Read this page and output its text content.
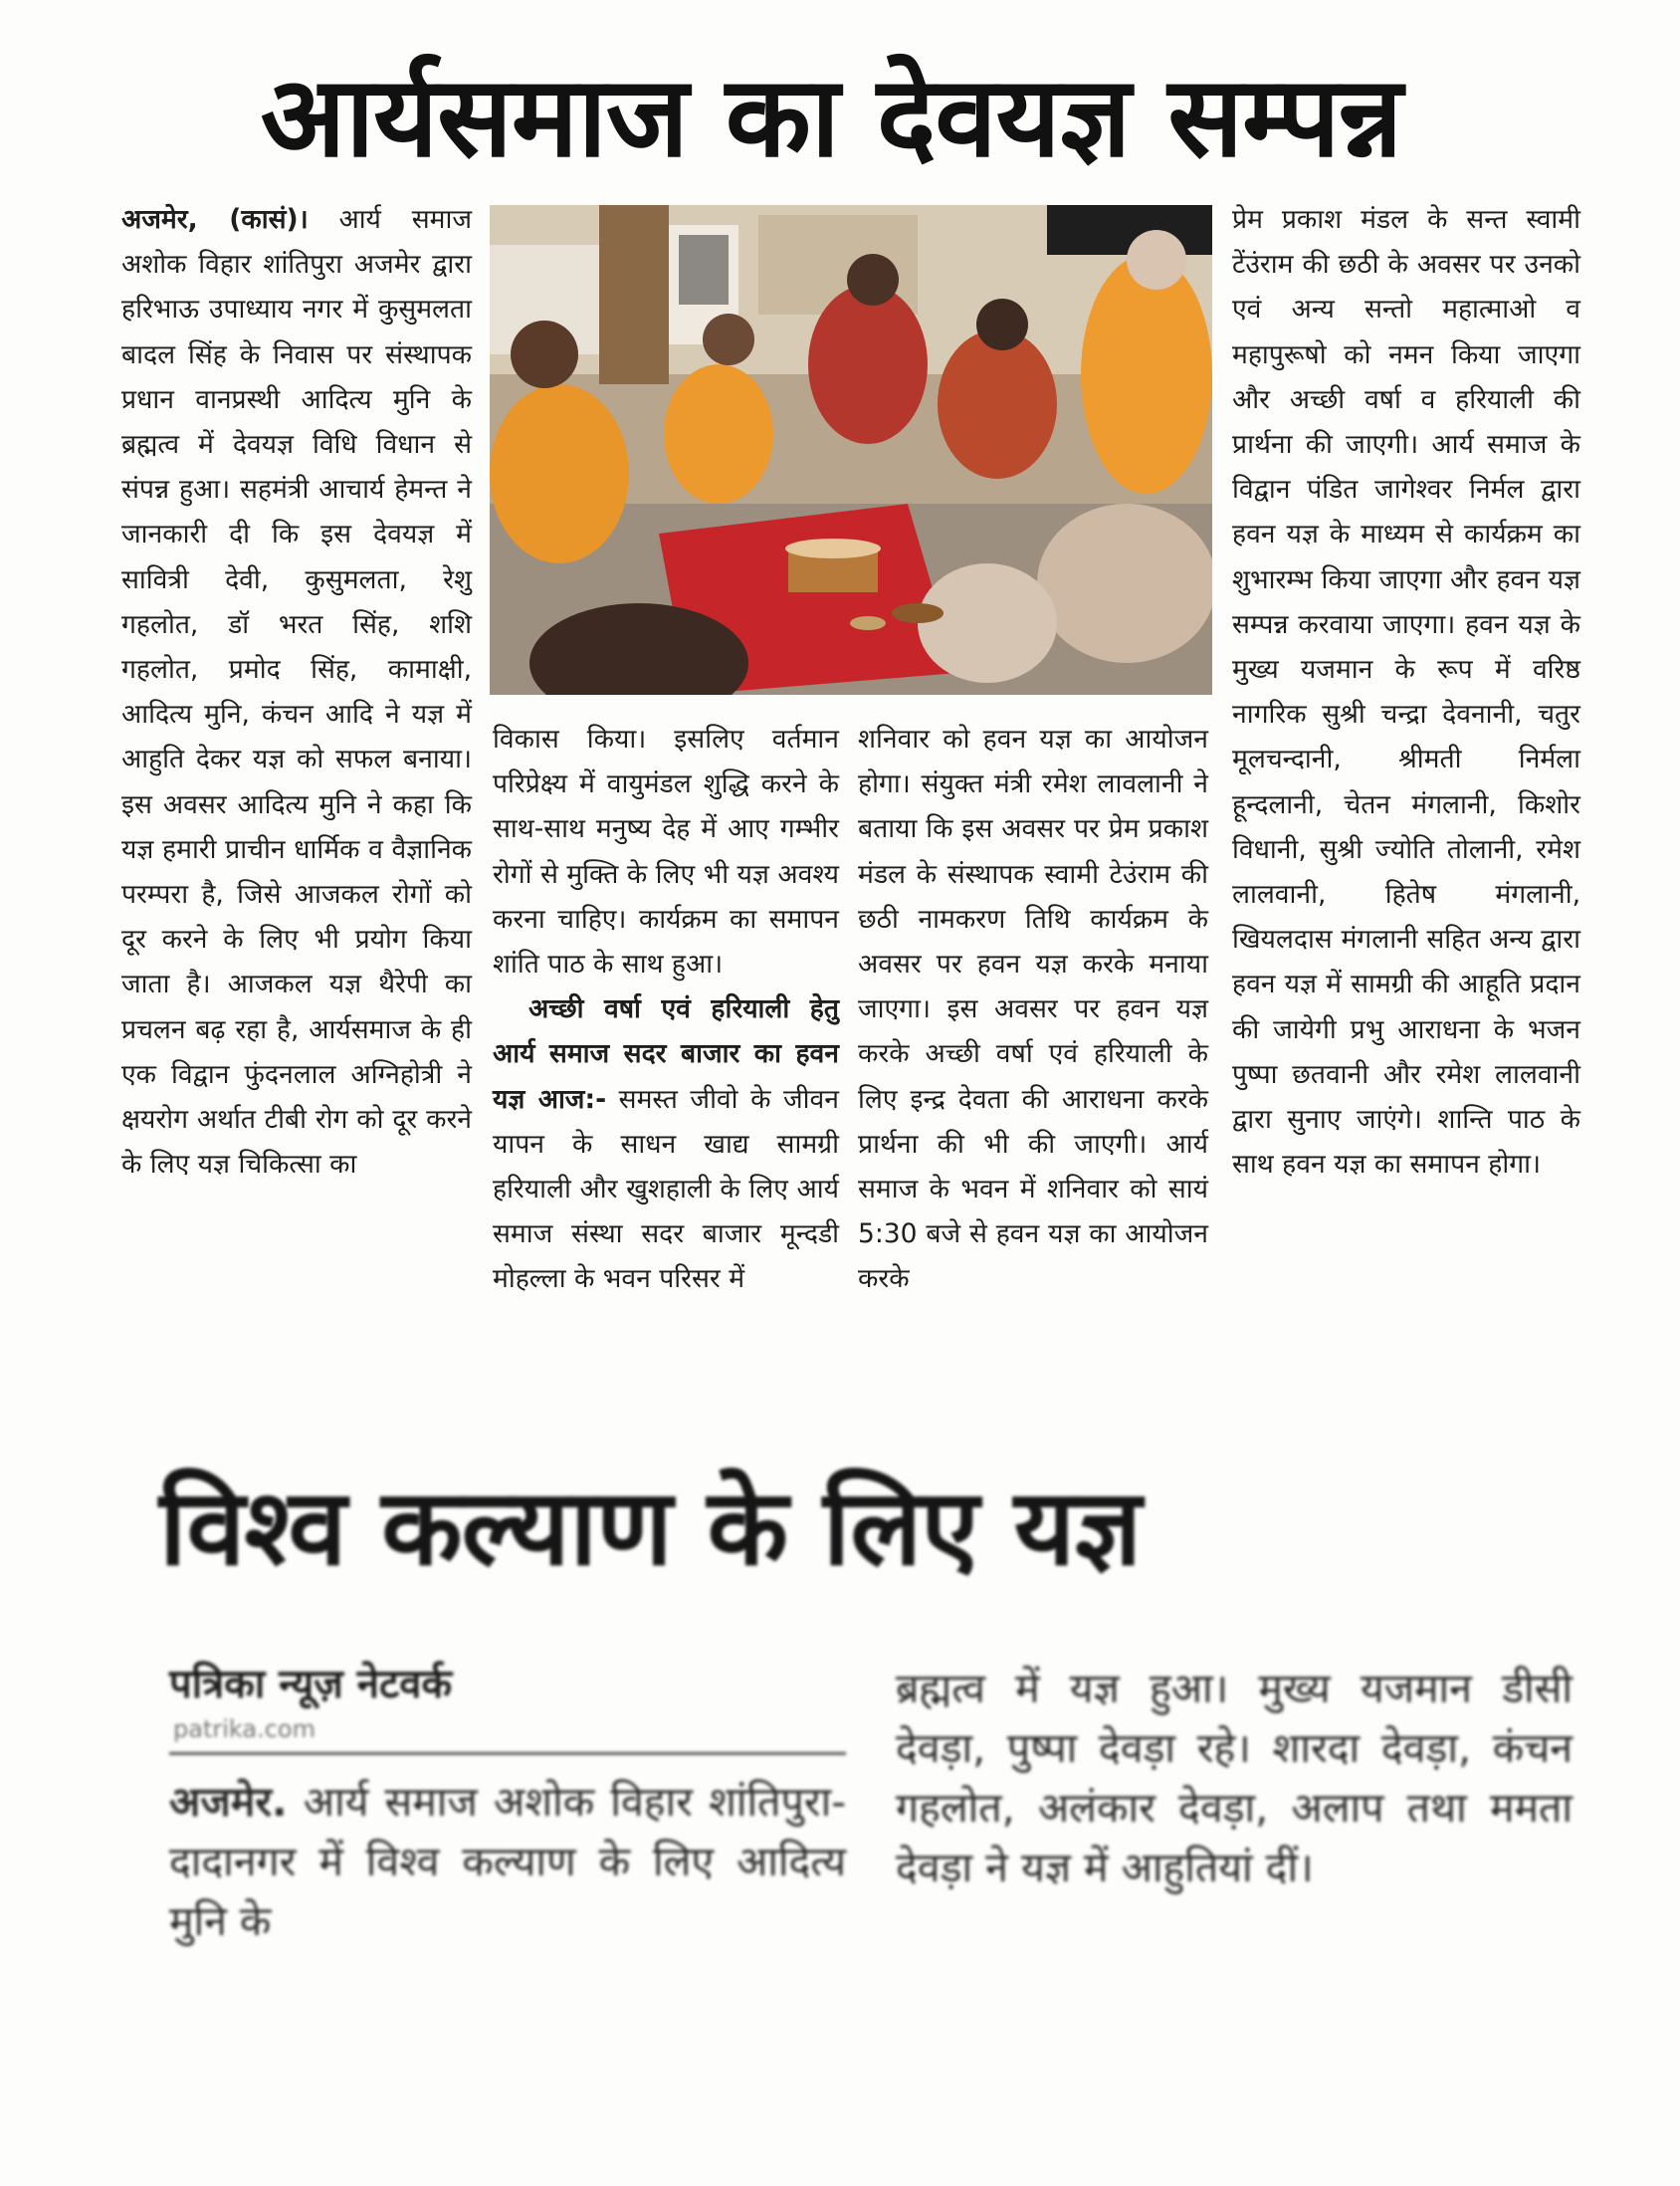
आर्यसमाज का देवयज्ञ सम्पन्न

अजमेर, (कासं)। आर्य समाज अशोक विहार शांतिपुरा अजमेर द्वारा हरिभाऊ उपाध्याय नगर में कुसुमलता बादल सिंह के निवास पर संस्थापक प्रधान वानप्रस्थी आदित्य मुनि के ब्रह्मत्व में देवयज्ञ विधि विधान से संपन्न हुआ। सहमंत्री आचार्य हेमन्त ने जानकारी दी कि इस देवयज्ञ में सावित्री देवी, कुसुमलता, रेशु गहलोत, डॉ भरत सिंह, शशि गहलोत, प्रमोद सिंह, कामाक्षी, आदित्य मुनि, कंचन आदि ने यज्ञ में आहुति देकर यज्ञ को सफल बनाया। इस अवसर आदित्य मुनि ने कहा कि यज्ञ हमारी प्राचीन धार्मिक व वैज्ञानिक परम्परा है, जिसे आजकल रोगों को दूर करने के लिए भी प्रयोग किया जाता है। आजकल यज्ञ थैरेपी का प्रचलन बढ़ रहा है, आर्यसमाज के ही एक विद्वान फुंदनलाल अग्निहोत्री ने क्षयरोग अर्थात टीबी रोग को दूर करने के लिए यज्ञ चिकित्सा का

विकास किया। इसलिए वर्तमान परिप्रेक्ष्य में वायुमंडल शुद्धि करने के साथ-साथ मनुष्य देह में आए गम्भीर रोगों से मुक्ति के लिए भी यज्ञ अवश्य करना चाहिए। कार्यक्रम का समापन शांति पाठ के साथ हुआ।

अच्छी वर्षा एवं हरियाली हेतु आर्य समाज सदर बाजार का हवन यज्ञ आज:- समस्त जीवो के जीवन यापन के साधन खाद्य सामग्री हरियाली और खुशहाली के लिए आर्य समाज संस्था सदर बाजार मून्दडी मोहल्ला के भवन परिसर में

शनिवार को हवन यज्ञ का आयोजन होगा। संयुक्त मंत्री रमेश लावलानी ने बताया कि इस अवसर पर प्रेम प्रकाश मंडल के संस्थापक स्वामी टेउंराम की छठी नामकरण तिथि कार्यक्रम के अवसर पर हवन यज्ञ करके मनाया जाएगा। इस अवसर पर हवन यज्ञ करके अच्छी वर्षा एवं हरियाली के लिए इन्द्र देवता की आराधना करके प्रार्थना की भी की जाएगी। आर्य समाज के भवन में शनिवार को सायं 5:30 बजे से हवन यज्ञ का आयोजन करके

प्रेम प्रकाश मंडल के सन्त स्वामी टेंउंराम की छठी के अवसर पर उनको एवं अन्य सन्तो महात्माओ व महापुरूषो को नमन किया जाएगा और अच्छी वर्षा व हरियाली की प्रार्थना की जाएगी। आर्य समाज के विद्वान पंडित जागेश्वर निर्मल द्वारा हवन यज्ञ के माध्यम से कार्यक्रम का शुभारम्भ किया जाएगा और हवन यज्ञ सम्पन्न करवाया जाएगा। हवन यज्ञ के मुख्य यजमान के रूप में वरिष्ठ नागरिक सुश्री चन्द्रा देवनानी, चतुर मूलचन्दानी, श्रीमती निर्मला हून्दलानी, चेतन मंगलानी, किशोर विधानी, सुश्री ज्योति तोलानी, रमेश लालवानी, हितेष मंगलानी, खियलदास मंगलानी सहित अन्य द्वारा हवन यज्ञ में सामग्री की आहूति प्रदान की जायेगी प्रभु आराधना के भजन पुष्पा छतवानी और रमेश लालवानी द्वारा सुनाए जाएंगे। शान्ति पाठ के साथ हवन यज्ञ का समापन होगा।

विश्व कल्याण के लिए यज्ञ
पत्रिका न्यूज़ नेटवर्क
patrika.com
अजमेर. आर्य समाज अशोक विहार शांतिपुरा- दादानगर में विश्व कल्याण के लिए आदित्य मुनि के
ब्रह्मत्व में यज्ञ हुआ। मुख्य यजमान डीसी देवड़ा, पुष्पा देवड़ा रहे। शारदा देवड़ा, कंचन गहलोत, अलंकार देवड़ा, अलाप तथा ममता देवड़ा ने यज्ञ में आहुतियां दीं।
